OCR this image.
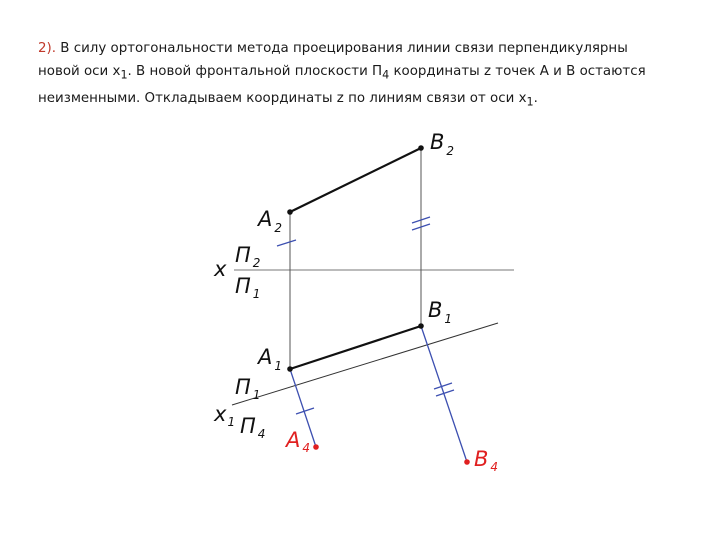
2). В силу ортогональности метода проецирования линии связи перпендикулярны
новой оси $x_1$. В новой фронтальной плоскости $П_4$ координаты z точек А и В остаются
неизменными. Откладываем координаты z по линиям связи от оси $x_1$.
B $_2$
A $_2$
x
П $_2$
П $_1$
B $_1$
A $_1$
П $_1$
$x_1$ П $_4$ A $_4$	B $_4$
